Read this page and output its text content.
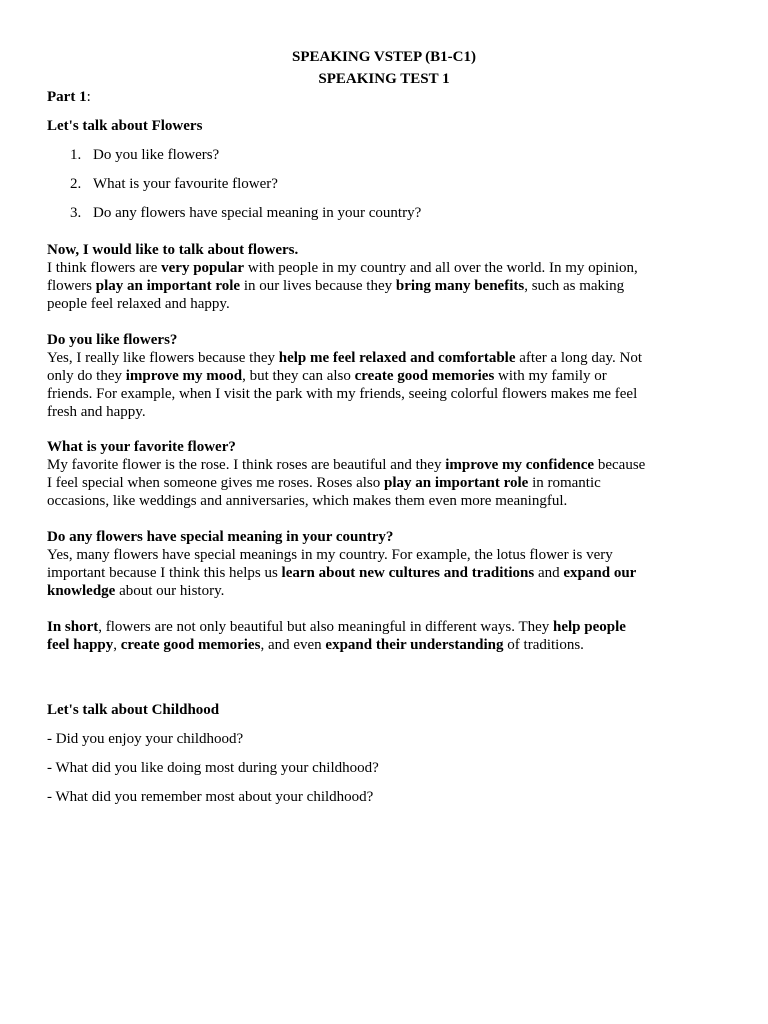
SPEAKING VSTEP (B1-C1)
SPEAKING TEST 1
Part 1:
Let's talk about Flowers
1. Do you like flowers?
2. What is your favourite flower?
3. Do any flowers have special meaning in your country?
Now, I would like to talk about flowers.
I think flowers are very popular with people in my country and all over the world. In my opinion,
flowers play an important role in our lives because they bring many benefits, such as making
people feel relaxed and happy.
Do you like flowers?
Yes, I really like flowers because they help me feel relaxed and comfortable after a long day. Not
only do they improve my mood, but they can also create good memories with my family or
friends. For example, when I visit the park with my friends, seeing colorful flowers makes me feel
fresh and happy.
What is your favorite flower?
My favorite flower is the rose. I think roses are beautiful and they improve my confidence because
I feel special when someone gives me roses. Roses also play an important role in romantic
occasions, like weddings and anniversaries, which makes them even more meaningful.
Do any flowers have special meaning in your country?
Yes, many flowers have special meanings in my country. For example, the lotus flower is very
important because I think this helps us learn about new cultures and traditions and expand our
knowledge about our history.
In short, flowers are not only beautiful but also meaningful in different ways. They help people
feel happy, create good memories, and even expand their understanding of traditions.
Let's talk about Childhood
- Did you enjoy your childhood?
- What did you like doing most during your childhood?
- What did you remember most about your childhood?
